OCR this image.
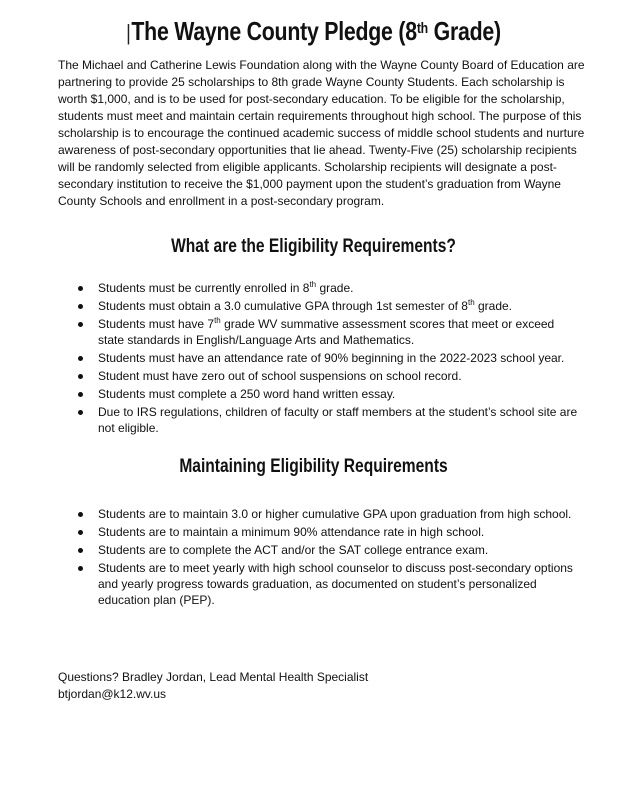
|The Wayne County Pledge (8th Grade)

The Michael and Catherine Lewis Foundation along with the Wayne County Board of Education are partnering to provide 25 scholarships to 8th grade Wayne County Students. Each scholarship is worth $1,000, and is to be used for post-secondary education. To be eligible for the scholarship, students must meet and maintain certain requirements throughout high school. The purpose of this scholarship is to encourage the continued academic success of middle school students and nurture awareness of post-secondary opportunities that lie ahead. Twenty-Five (25) scholarship recipients will be randomly selected from eligible applicants. Scholarship recipients will designate a post-secondary institution to receive the $1,000 payment upon the student’s graduation from Wayne County Schools and enrollment in a post-secondary program.

What are the Eligibility Requirements?
Students must be currently enrolled in 8th grade.
Students must obtain a 3.0 cumulative GPA through 1st semester of 8th grade.
Students must have 7th grade WV summative assessment scores that meet or exceed state standards in English/Language Arts and Mathematics.
Students must have an attendance rate of 90% beginning in the 2022-2023 school year.
Student must have zero out of school suspensions on school record.
Students must complete a 250 word hand written essay.
Due to IRS regulations, children of faculty or staff members at the student’s school site are not eligible.
Maintaining Eligibility Requirements
Students are to maintain 3.0 or higher cumulative GPA upon graduation from high school.
Students are to maintain a minimum 90% attendance rate in high school.
Students are to complete the ACT and/or the SAT college entrance exam.
Students are to meet yearly with high school counselor to discuss post-secondary options and yearly progress towards graduation, as documented on student’s personalized education plan (PEP).
Questions? Bradley Jordan, Lead Mental Health Specialist
btjordan@k12.wv.us
